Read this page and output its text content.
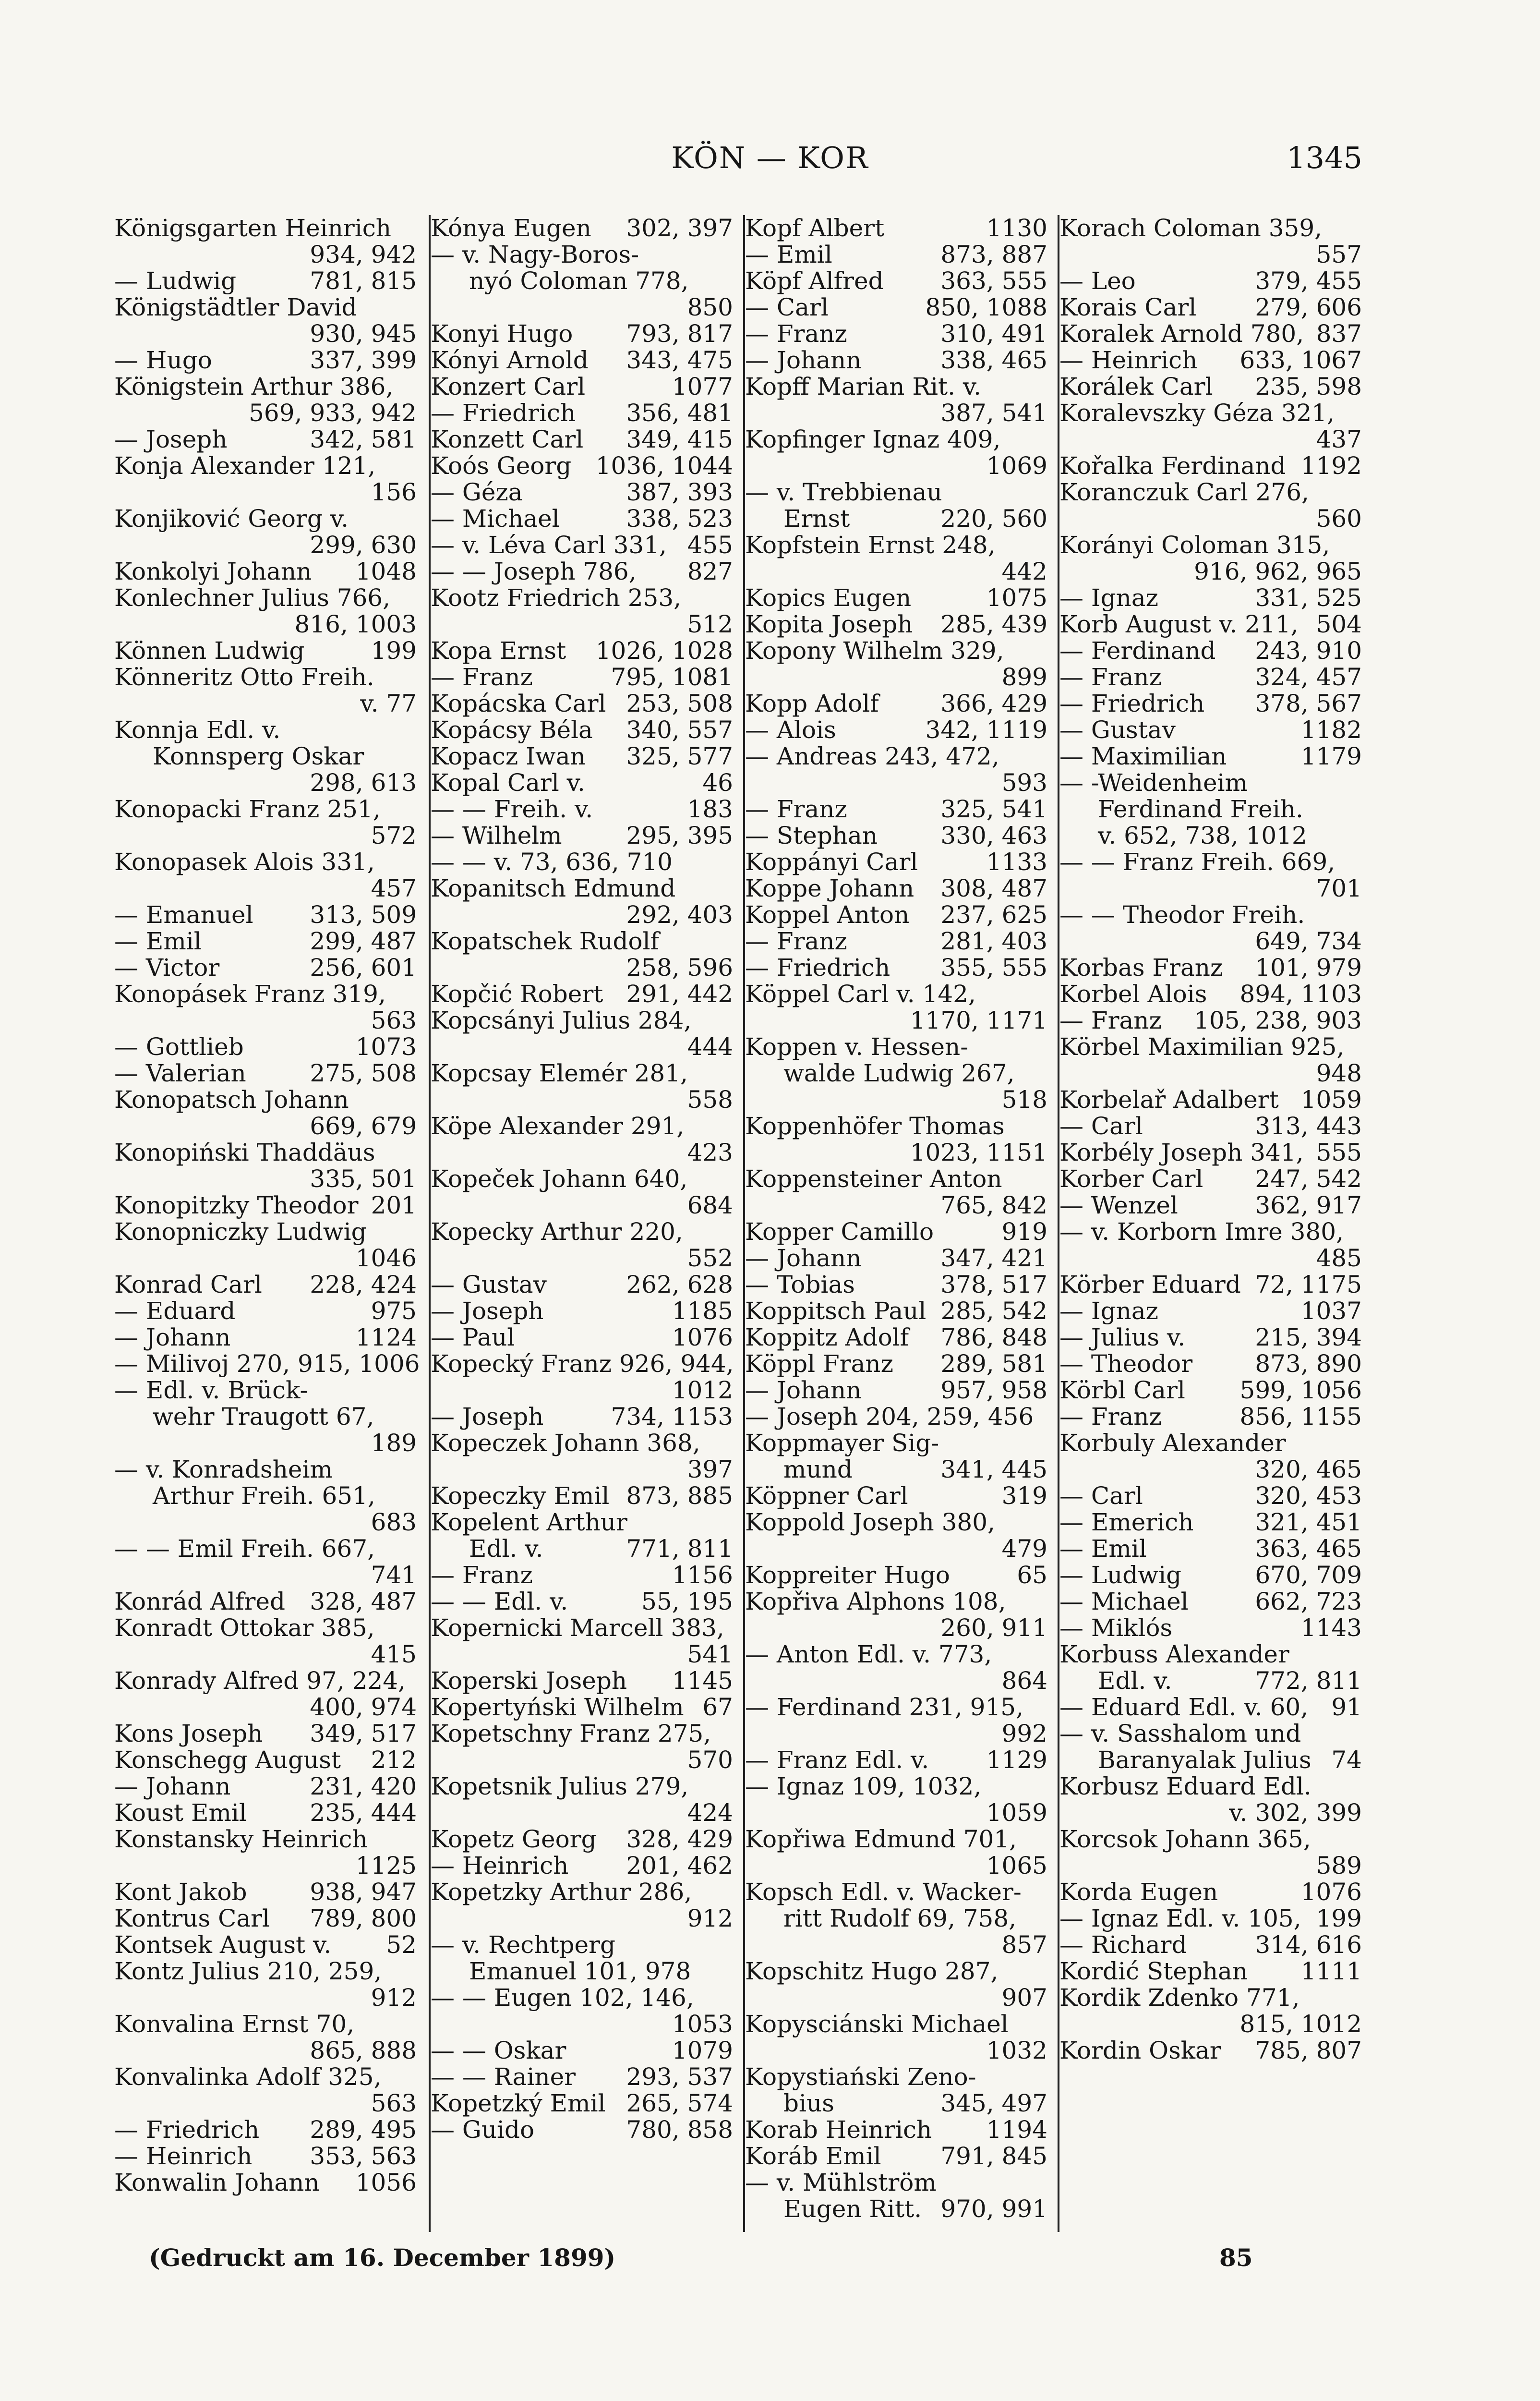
KÖN — KOR	1345
Königsgarten Heinrich
934, 942
— Ludwig	781, 815
Königstädtler David
930, 945
— Hugo	337, 399
Königstein Arthur 386,
569, 933, 942
— Joseph	342, 581
Konja Alexander 121,
156
Konjiković Georg v.
299, 630
Konkolyi Johann 1048
Konlechner Julius 766,
816, 1003
Können Ludwig	199
Könneritz Otto Freih.
v. 77
Konnja Edl. v.
Konnsperg Oskar
298, 613
Konopacki Franz 251,
572
Konopasek Alois 331,
457
— Emanuel 313, 509
— Emil	299, 487
— Victor	256, 601
Konopásek Franz 319,
563
— Gottlieb	1073
— Valerian	275, 508
Konopatsch Johann
669, 679
Konopiński Thaddäus
335, 501
Konopitzky Theodor 201
Konopniczky Ludwig
1046
Konrad Carl 228, 424
— Eduard	975
— Johann	1124
— Milivoj 270, 915, 1006
— Edl. v. Brück-
wehr Traugott 67,
189
— v. Konradsheim
Arthur Freih. 651,
683
— — Emil Freih. 667,
741
Konrád Alfred 328, 487
Konradt Ottokar 385,
415
Konrady Alfred 97, 224,
400, 974
Kons Joseph 349, 517
Konschegg August 212
— Johann	231, 420
Koust Emil	235, 444
Konstansky Heinrich
1125
Kont Jakob	938, 947
Kontrus Carl 789, 800
Kontsek August v. 52
Kontz Julius 210, 259,
912
Konvalina Ernst 70,
865, 888
Konvalinka Adolf 325,
563
— Friedrich 289, 495
— Heinrich 353, 563
Konwalin Johann 1056
Kónya Eugen 302, 397
— v. Nagy-Boros-
nyó Coloman 778,
850
Konyi Hugo 793, 817
Kónyi Arnold 343, 475
Konzert Carl	1077
— Friedrich 356, 481
Konzett Carl 349, 415
Koós Georg 1036, 1044
— Géza	387, 393
— Michael	338, 523
— v. Léva Carl 331, 455
— — Joseph 786, 827
Kootz Friedrich 253,
512
Kopa Ernst 1026, 1028
— Franz	795, 1081
Kopácska Carl 253, 508
Kopácsy Béla 340, 557
Kopacz Iwan 325, 577
Kopal Carl v.	46
— — Freih. v.	183
— Wilhelm	295, 395
— — v. 73, 636, 710
Kopanitsch Edmund
292, 403
Kopatschek Rudolf
258, 596
Kopčić Robert 291, 442
Kopcsányi Julius 284,
444
Kopcsay Elemér 281,
558
Köpe Alexander 291,
423
Kopeček Johann 640,
684
Kopecky Arthur 220,
552
— Gustav	262, 628
— Joseph	1185
— Paul	1076
Kopecký Franz 926, 944,
1012
— Joseph	734, 1153
Kopeczek Johann 368,
397
Kopeczky Emil 873, 885
Kopelent Arthur
Edl. v.	771, 811
— Franz	1156
— — Edl. v.	55, 195
Kopernicki Marcell 383,
541
Koperski Joseph 1145
Kopertyński Wilhelm 67
Kopetschny Franz 275,
570
Kopetsnik Julius 279,
424
Kopetz Georg 328, 429
— Heinrich 201, 462
Kopetzky Arthur 286,
912
— v. Rechtperg
Emanuel 101, 978
— — Eugen 102, 146,
1053
— — Oskar	1079
— — Rainer 293, 537
Kopetzký Emil 265, 574
— Guido	780, 858
Kopf Albert	1130
— Emil	873, 887
Köpf Alfred 363, 555
— Carl	850, 1088
— Franz	310, 491
— Johann	338, 465
Kopff Marian Rit. v.
387, 541
Kopfinger Ignaz 409,
1069
— v. Trebbienau
Ernst	220, 560
Kopfstein Ernst 248,
442
Kopics Eugen	1075
Kopita Joseph 285, 439
Kopony Wilhelm 329,
899
Kopp Adolf	366, 429
— Alois	342, 1119
— Andreas 243, 472,
593
— Franz	325, 541
— Stephan	330, 463
Koppányi Carl	1133
Koppe Johann 308, 487
Koppel Anton 237, 625
— Franz	281, 403
— Friedrich 355, 555
Köppel Carl v. 142,
1170, 1171
Koppen v. Hessen-
walde Ludwig 267,
518
Koppenhöfer Thomas
1023, 1151
Koppensteiner Anton
765, 842
Kopper Camillo	919
— Johann	347, 421
— Tobias	378, 517
Koppitsch Paul 285, 542
Koppitz Adolf 786, 848
Köppl Franz 289, 581
— Johann	957, 958
— Joseph 204, 259, 456
Koppmayer Sig-
mund	341, 445
Köppner Carl	319
Koppold Joseph 380,
479
Koppreiter Hugo	65
Kopřiva Alphons 108,
260, 911
— Anton Edl. v. 773,
864
— Ferdinand 231, 915,
992
— Franz Edl. v. 1129
— Ignaz 109, 1032,
1059
Kopřiwa Edmund 701,
1065
Kopsch Edl. v. Wacker-
ritt Rudolf 69, 758,
857
Kopschitz Hugo 287,
907
Kopysciánski Michael
1032
Kopystiański Zeno-
bius	345, 497
Korab Heinrich 1194
Koráb Emil 791, 845
— v. Mühlström
Eugen Ritt. 970, 991
Korach Coloman 359,
557
— Leo	379, 455
Korais Carl 279, 606
Koralek Arnold 780, 837
— Heinrich 633, 1067
Korálek Carl 235, 598
Koralevszky Géza 321,
437
Kořalka Ferdinand 1192
Koranczuk Carl 276,
560
Korányi Coloman 315,
916, 962, 965
— Ignaz	331, 525
Korb August v. 211, 504
— Ferdinand 243, 910
— Franz	324, 457
— Friedrich 378, 567
— Gustav	1182
— Maximilian	1179
— -Weidenheim
Ferdinand Freih.
v. 652, 738, 1012
— — Franz Freih. 669,
701
— — Theodor Freih.
649, 734
Korbas Franz 101, 979
Korbel Alois 894, 1103
— Franz 105, 238, 903
Körbel Maximilian 925,
948
Korbelař Adalbert 1059
— Carl	313, 443
Korbély Joseph 341, 555
Korber Carl 247, 542
— Wenzel	362, 917
— v. Korborn Imre 380,
485
Körber Eduard 72, 1175
— Ignaz	1037
— Julius v.	215, 394
— Theodor	873, 890
Körbl Carl 599, 1056
— Franz	856, 1155
Korbuly Alexander
320, 465
— Carl	320, 453
— Emerich	321, 451
— Emil	363, 465
— Ludwig	670, 709
— Michael	662, 723
— Miklós	1143
Korbuss Alexander
Edl. v.	772, 811
— Eduard Edl. v. 60, 91
— v. Sasshalom und
Baranyalak Julius 74
Korbusz Eduard Edl.
v. 302, 399
Korcsok Johann 365,
589
Korda Eugen	1076
— Ignaz Edl. v. 105, 199
— Richard	314, 616
Kordić Stephan 1111
Kordik Zdenko 771,
815, 1012
Kordin Oskar 785, 807
(Gedruckt am 16. December 1899)	85
